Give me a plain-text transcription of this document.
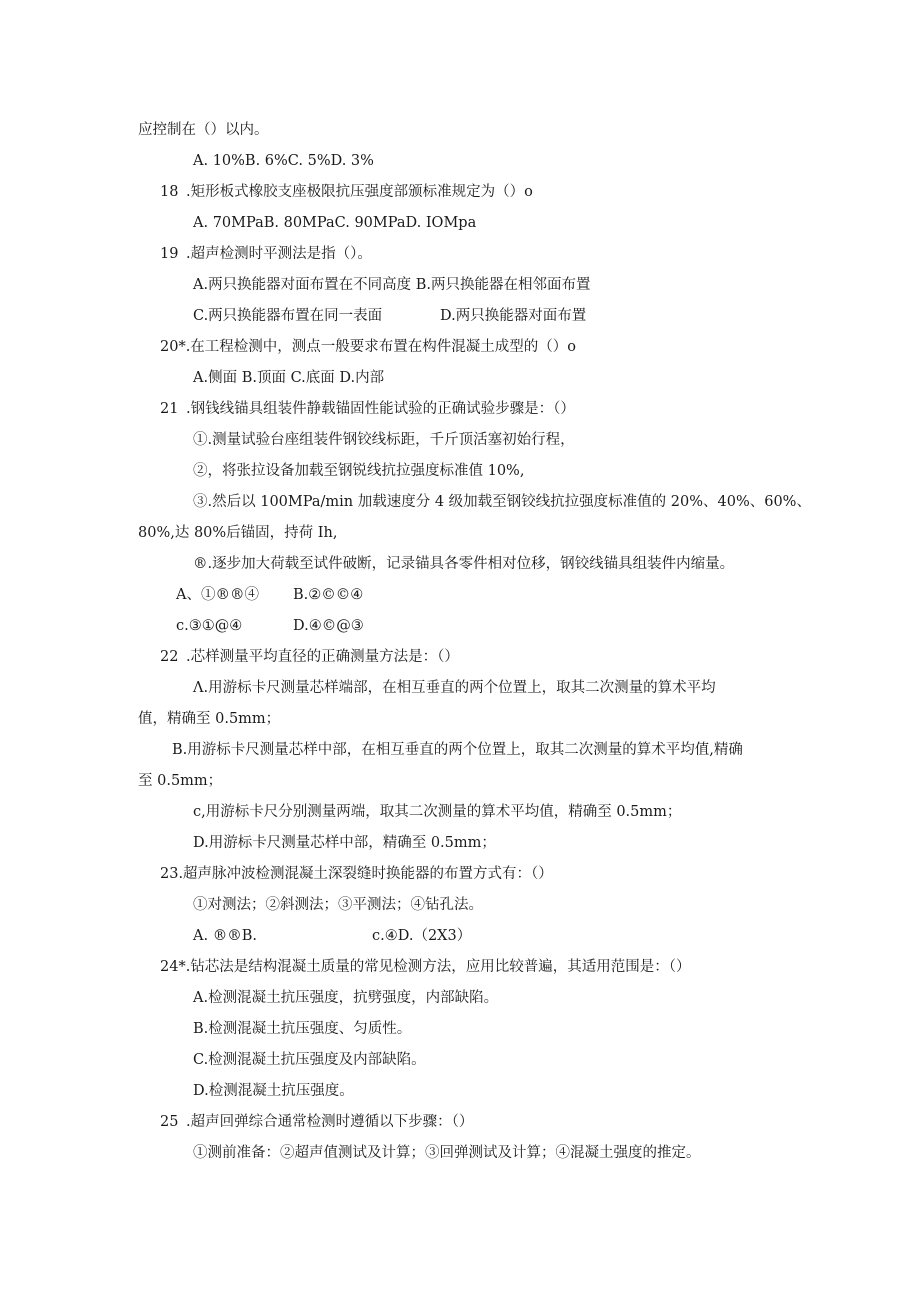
应控制在（）以内。
A. 10%B. 6%C. 5%D. 3%
18 .矩形板式橡胶支座极限抗压强度部颁标准规定为（）o
A. 70MPaB. 80MPaC. 90MPaD. IOMpa
19 .超声检测时平测法是指（）。
A.两只换能器对面布置在不同高度 B.两只换能器在相邻面布置
C.两只换能器布置在同一表面	D.两只换能器对面布置
20*.在工程检测中，测点一般要求布置在构件混凝土成型的（）o
A.侧面 B.顶面 C.底面 D.内部
21 .钢钱线锚具组装件静载锚固性能试验的正确试验步骤是：（）
①.测量试验台座组装件钢铰线标距，千斤顶活塞初始行程，
②，将张拉设备加载至钢锐线抗拉强度标准值 10%,
③.然后以 100MPa/min 加载速度分 4 级加载至钢铰线抗拉强度标准值的 20%、40%、60%、
80%,达 80%后锚固，持荷 Ih,
®.逐步加大荷载至试件破断，记录锚具各零件相对位移，钢铰线锚具组装件内缩量。
A、①®®④ B.②©©④
c.③①@④	D.④©@③
22 .芯样测量平均直径的正确测量方法是：（）
Λ.用游标卡尺测量芯样端部，在相互垂直的两个位置上，取其二次测量的算术平均
值，精确至 0.5mm；
B.用游标卡尺测量芯样中部，在相互垂直的两个位置上，取其二次测量的算术平均值,精确
至 0.5mm；
c,用游标卡尺分别测量两端，取其二次测量的算术平均值，精确至 0.5mm；
D.用游标卡尺测量芯样中部，精确至 0.5mm；
23.超声脉冲波检测混凝土深裂缝时换能器的布置方式有：（）
①对测法；②斜测法；③平测法；④钻孔法。
A. ®®B.	c.④D.（2X3）
24*.钻芯法是结构混凝土质量的常见检测方法，应用比较普遍，其适用范围是：（）
A.检测混凝土抗压强度，抗劈强度，内部缺陷。
B.检测混凝土抗压强度、匀质性。
C.检测混凝土抗压强度及内部缺陷。
D.检测混凝土抗压强度。
25 .超声回弹综合通常检测时遵循以下步骤：（）
①测前准备：②超声值测试及计算；③回弹测试及计算；④混凝土强度的推定。
